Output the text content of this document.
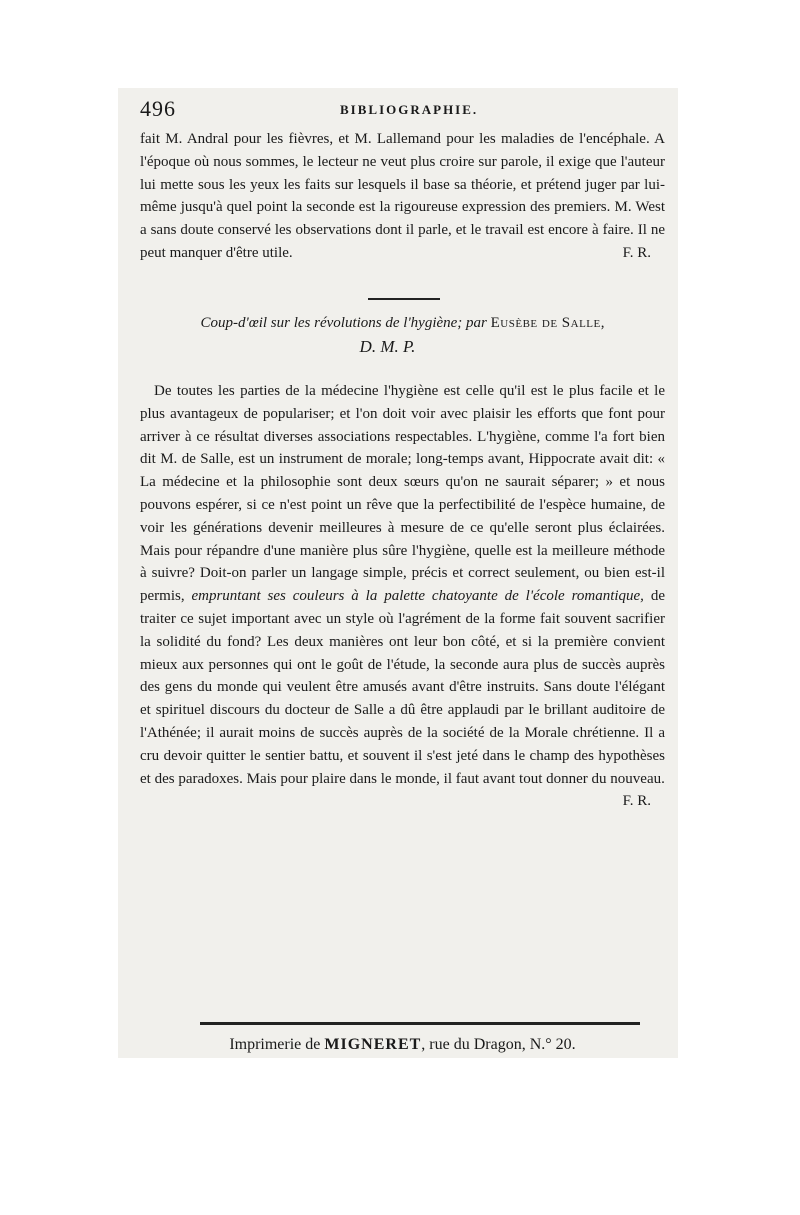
496	BIBLIOGRAPHIE.

fait M. Andral pour les fièvres, et M. Lallemand pour les maladies de l'encéphale. A l'époque où nous sommes, le lecteur ne veut plus croire sur parole, il exige que l'auteur lui mette sous les yeux les faits sur lesquels il base sa théorie, et prétend juger par lui-même jusqu'à quel point la seconde est la rigoureuse expression des premiers. M. West a sans doute conservé les observations dont il parle, et le travail est encore à faire. Il ne peut manquer d'être utile.	F. R.

Coup-d'œil sur les révolutions de l'hygiène; par Eusèbe de Salle,
D. M. P.

De toutes les parties de la médecine l'hygiène est celle qu'il est le plus facile et le plus avantageux de populariser; et l'on doit voir avec plaisir les efforts que font pour arriver à ce résultat diverses associations respectables. L'hygiène, comme l'a fort bien dit M. de Salle, est un instrument de morale; long-temps avant, Hippocrate avait dit: « La médecine et la philosophie sont deux sœurs qu'on ne saurait séparer; » et nous pouvons espérer, si ce n'est point un rêve que la perfectibilité de l'espèce humaine, de voir les générations devenir meilleures à mesure de ce qu'elle seront plus éclairées. Mais pour répandre d'une manière plus sûre l'hygiène, quelle est la meilleure méthode à suivre? Doit-on parler un langage simple, précis et correct seulement, ou bien est-il permis, empruntant ses couleurs à la palette chatoyante de l'école romantique, de traiter ce sujet important avec un style où l'agrément de la forme fait souvent sacrifier la solidité du fond? Les deux manières ont leur bon côté, et si la première convient mieux aux personnes qui ont le goût de l'étude, la seconde aura plus de succès auprès des gens du monde qui veulent être amusés avant d'être instruits. Sans doute l'élégant et spirituel discours du docteur de Salle a dû être applaudi par le brillant auditoire de l'Athénée; il aurait moins de succès auprès de la société de la Morale chrétienne. Il a cru devoir quitter le sentier battu, et souvent il s'est jeté dans le champ des hypothèses et des paradoxes. Mais pour plaire dans le monde, il faut avant tout donner du nouveau.
F. R.

Imprimerie de MIGNERET, rue du Dragon, N.° 20.
